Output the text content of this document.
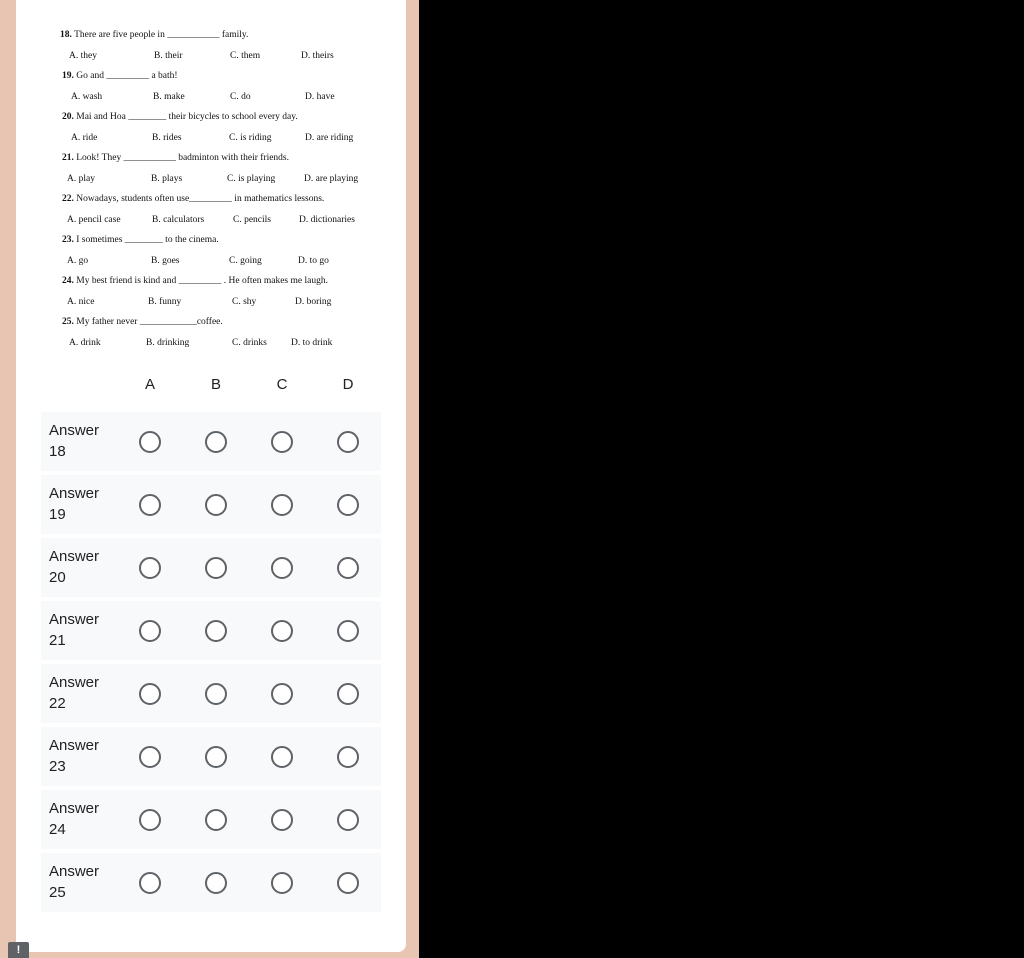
18. There are five people in ___________ family.
A. they	B. their	C. them	D. theirs
19. Go and _________ a bath!
A. wash	B. make	C. do	D. have
20. Mai and Hoa ________ their bicycles to school every day.
A. ride	B. rides	C. is riding	D. are riding
21. Look! They ___________ badminton with their friends.
A. play	B. plays	C. is playing	D. are playing
22. Nowadays, students often use_________ in mathematics lessons.
A. pencil case	B. calculators	C. pencils	D. dictionaries
23. I sometimes ________ to the cinema.
A. go	B. goes	C. going	D. to go
24. My best friend is kind and _________ . He often makes me laugh.
A. nice	B. funny	C. shy	D. boring
25. My father never ____________coffee.
A. drink	B. drinking	C. drinks	D. to drink
A	B	C	D
Answer 18
Answer 19
Answer 20
Answer 21
Answer 22
Answer 23
Answer 24
Answer 25
!
